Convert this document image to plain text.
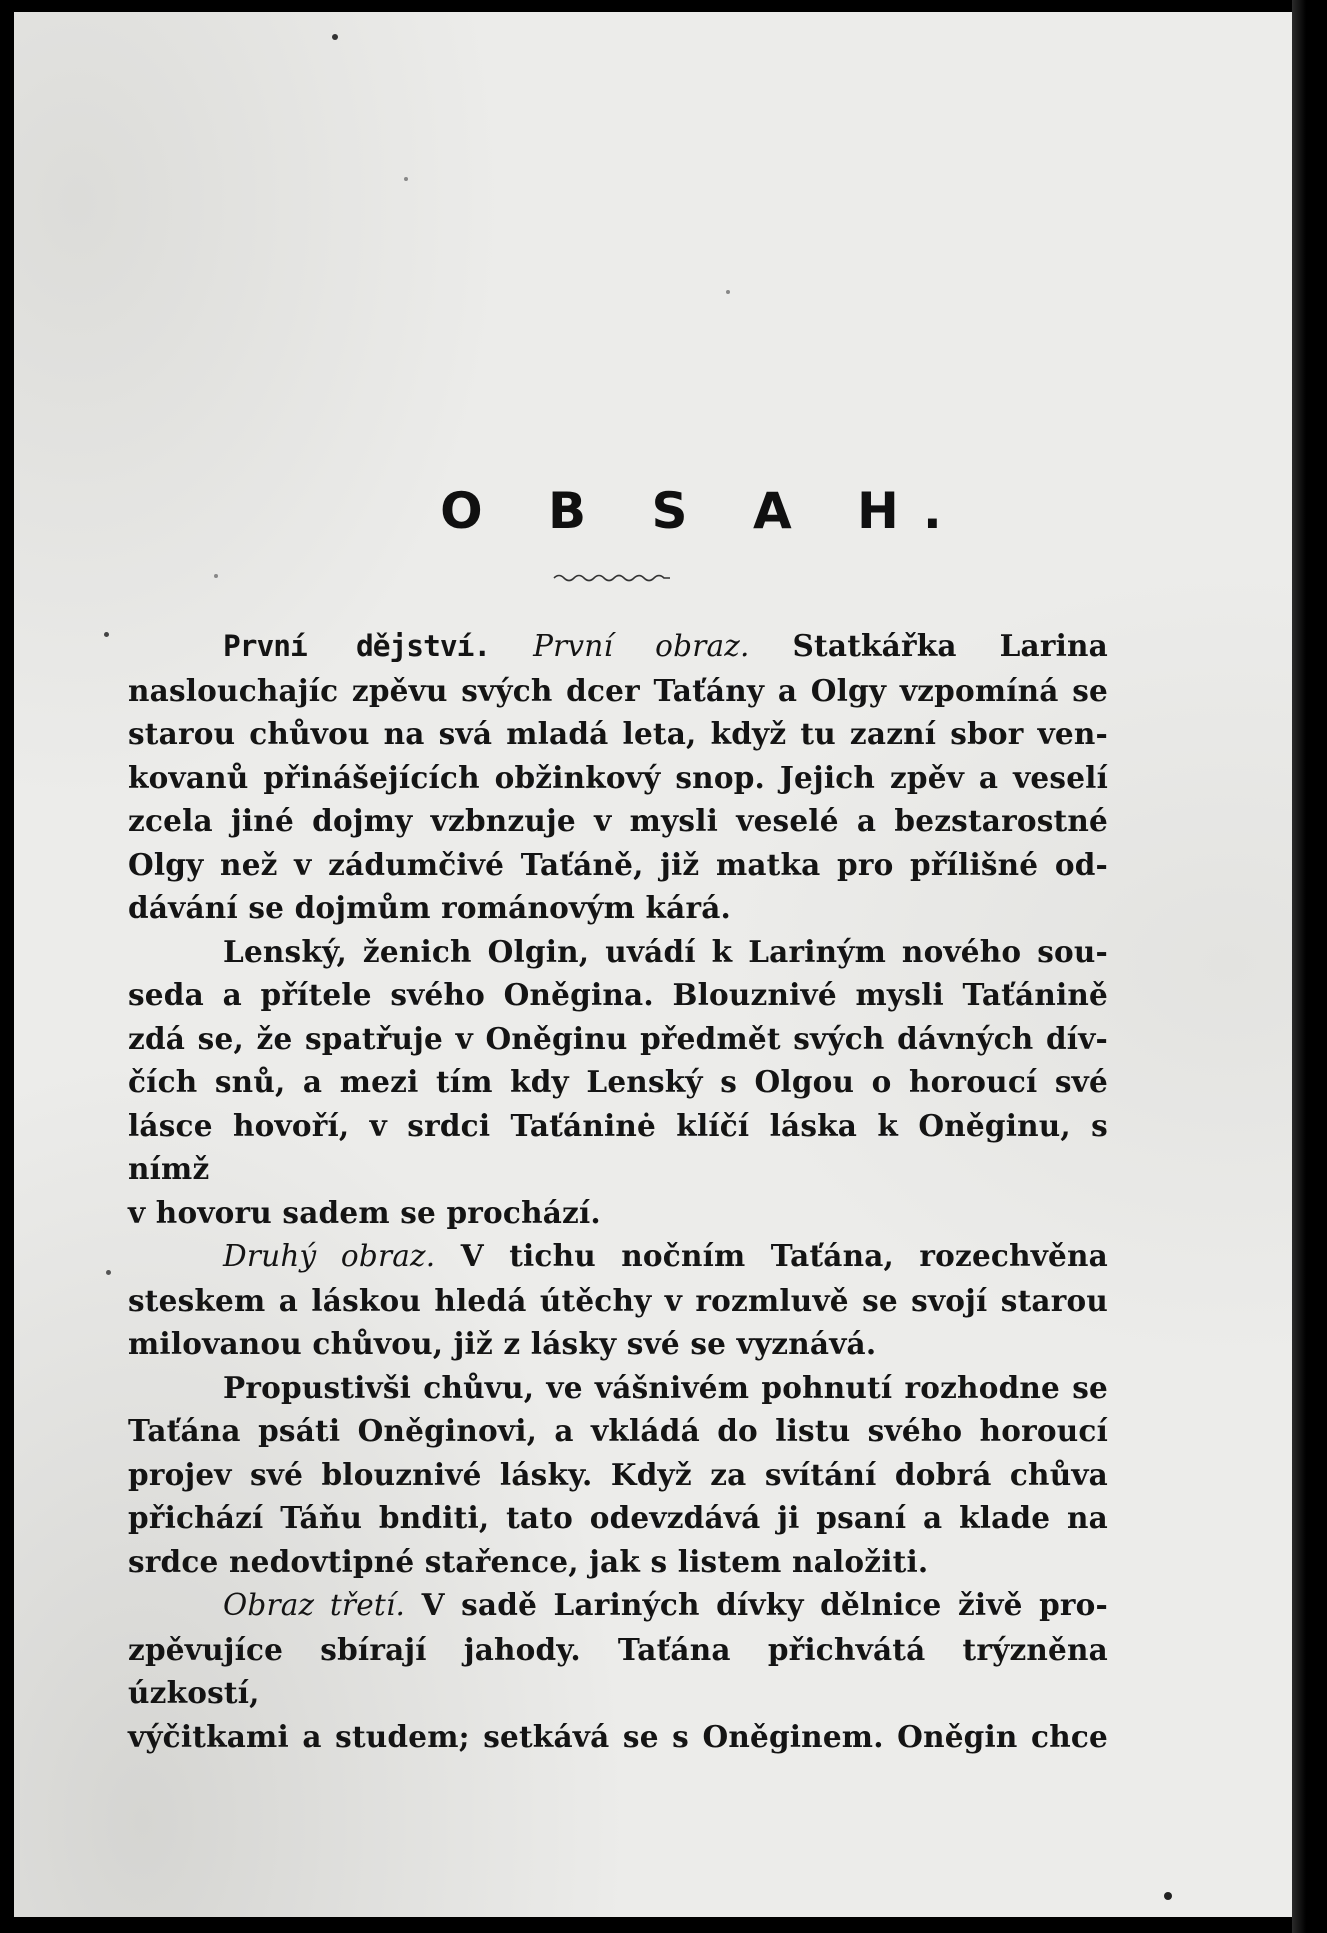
O B S A H.

První dějství. První obraz. Statkářka Larina

naslouchajíc zpěvu svých dcer Taťány a Olgy vzpomíná se

starou chůvou na svá mladá leta, když tu zazní sbor ven-

kovanů přinášejících obžinkový snop. Jejich zpěv a veselí

zcela jiné dojmy vzbnzuje v mysli veselé a bezstarostné

Olgy než v zádumčivé Taťáně, již matka pro přílišné od-

dávání se dojmům románovým kárá.

Lenský, ženich Olgin, uvádí k Lariným nového sou-

seda a přítele svého Oněgina. Blouznivé mysli Taťánině

zdá se, že spatřuje v Oněginu předmět svých dávných dív-

čích snů, a mezi tím kdy Lenský s Olgou o horoucí své

lásce hovoří, v srdci Taťáninė klíčí láska k Oněginu, s nímž

v hovoru sadem se prochází.

Druhý obraz. V tichu nočním Taťána, rozechvěna

steskem a láskou hledá útěchy v rozmluvě se svojí starou

milovanou chůvou, již z lásky své se vyznává.

Propustivši chůvu, ve vášnivém pohnutí rozhodne se

Taťána psáti Oněginovi, a vkládá do listu svého horoucí

projev své blouznivé lásky. Když za svítání dobrá chůva

přichází Táňu bnditi, tato odevzdává ji psaní a klade na

srdce nedovtipné stařence, jak s listem naložiti.

Obraz třetí. V sadě Lariných dívky dělnice živě pro-

zpěvujíce sbírají jahody. Taťána přichvátá trýzněna úzkostí,

výčitkami a studem; setkává se s Oněginem. Oněgin chce
